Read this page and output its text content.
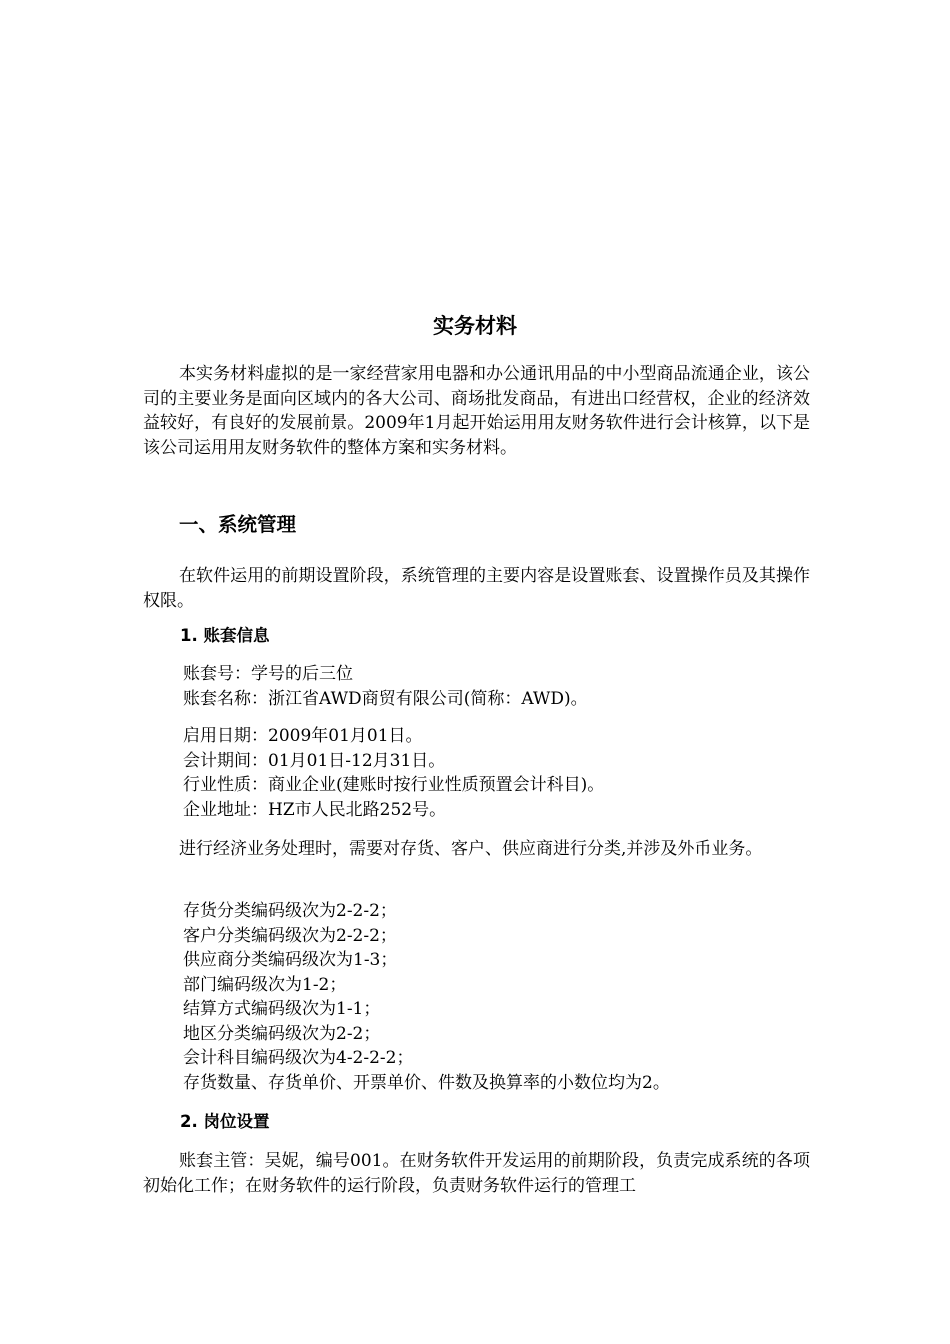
实务材料

本实务材料虚拟的是一家经营家用电器和办公通讯用品的中小型商品流通企业，该公司的主要业务是面向区域内的各大公司、商场批发商品，有进出口经营权，企业的经济效益较好，有良好的发展前景。2009年1月起开始运用用友财务软件进行会计核算，以下是该公司运用用友财务软件的整体方案和实务材料。

一、系统管理

在软件运用的前期设置阶段，系统管理的主要内容是设置账套、设置操作员及其操作权限。

1. 账套信息
账套号：学号的后三位
账套名称：浙江省AWD商贸有限公司(简称：AWD)。
启用日期：2009年01月01日。
会计期间：01月01日-12月31日。
行业性质：商业企业(建账时按行业性质预置会计科目)。
企业地址：HZ市人民北路252号。

进行经济业务处理时，需要对存货、客户、供应商进行分类,并涉及外币业务。

存货分类编码级次为2-2-2；
客户分类编码级次为2-2-2；
供应商分类编码级次为1-3；
部门编码级次为1-2；
结算方式编码级次为1-1；
地区分类编码级次为2-2；
会计科目编码级次为4-2-2-2；
存货数量、存货单价、开票单价、件数及换算率的小数位均为2。
2. 岗位设置

账套主管：吴妮，编号001。在财务软件开发运用的前期阶段，负责完成系统的各项初始化工作；在财务软件的运行阶段，负责财务软件运行的管理工
